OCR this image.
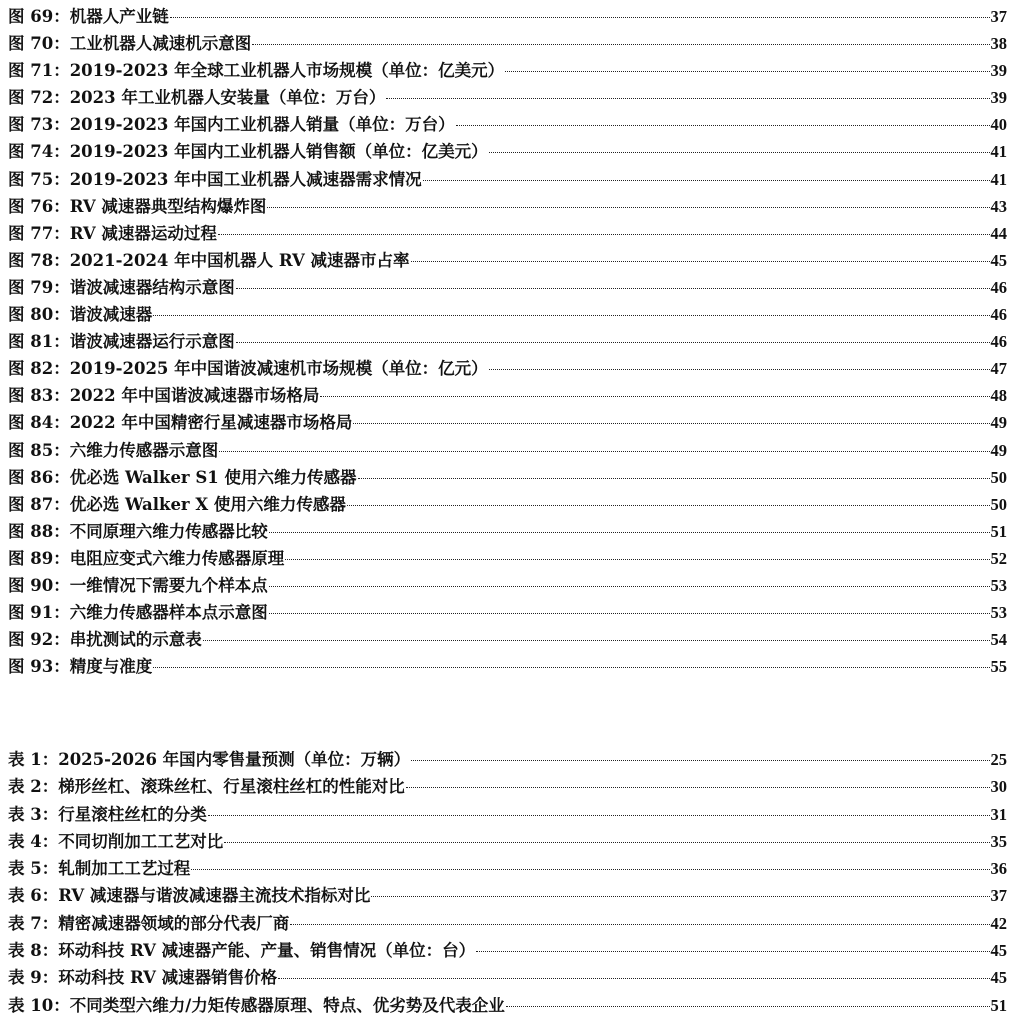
图 69：机器人产业链	37
图 70：工业机器人减速机示意图	38
图 71：2019-2023 年全球工业机器人市场规模（单位：亿美元）	39
图 72：2023 年工业机器人安装量（单位：万台）	39
图 73：2019-2023 年国内工业机器人销量（单位：万台）	40
图 74：2019-2023 年国内工业机器人销售额（单位：亿美元）	41
图 75：2019-2023 年中国工业机器人减速器需求情况	41
图 76：RV 减速器典型结构爆炸图	43
图 77：RV 减速器运动过程	44
图 78：2021-2024 年中国机器人 RV 减速器市占率	45
图 79：谐波减速器结构示意图	46
图 80：谐波减速器	46
图 81：谐波减速器运行示意图	46
图 82：2019-2025 年中国谐波减速机市场规模（单位：亿元）	47
图 83：2022 年中国谐波减速器市场格局	48
图 84：2022 年中国精密行星减速器市场格局	49
图 85：六维力传感器示意图	49
图 86：优必选 Walker S1 使用六维力传感器	50
图 87：优必选 Walker X 使用六维力传感器	50
图 88：不同原理六维力传感器比较	51
图 89：电阻应变式六维力传感器原理	52
图 90：一维情况下需要九个样本点	53
图 91：六维力传感器样本点示意图	53
图 92：串扰测试的示意表	54
图 93：精度与准度	55
表 1：2025-2026 年国内零售量预测（单位：万辆）	25
表 2：梯形丝杠、滚珠丝杠、行星滚柱丝杠的性能对比	30
表 3：行星滚柱丝杠的分类	31
表 4：不同切削加工工艺对比	35
表 5：轧制加工工艺过程	36
表 6：RV 减速器与谐波减速器主流技术指标对比	37
表 7：精密减速器领域的部分代表厂商	42
表 8：环动科技 RV 减速器产能、产量、销售情况（单位：台）	45
表 9：环动科技 RV 减速器销售价格	45
表 10：不同类型六维力/力矩传感器原理、特点、优劣势及代表企业	51
